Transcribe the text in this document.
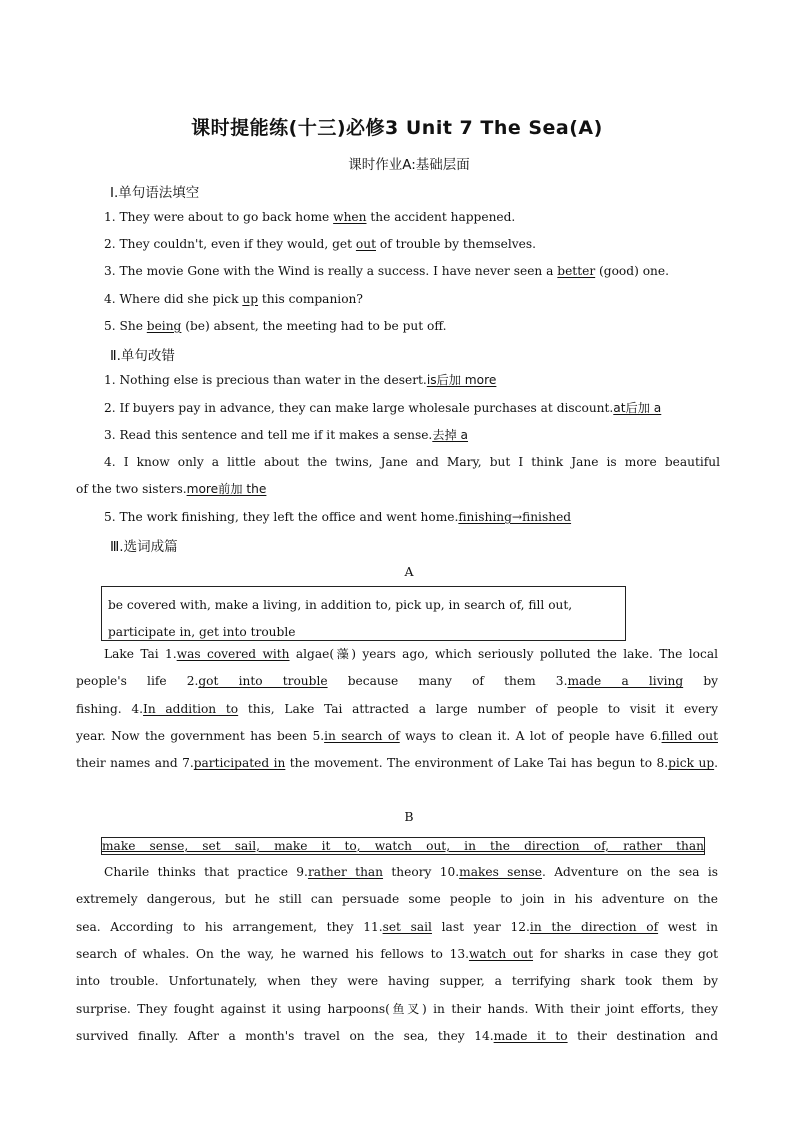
课时提能练(十三)必修3 Unit 7 The Sea(A)
课时作业A:基础层面
Ⅰ.单句语法填空
1. They were about to go back home when the accident happened.
2. They couldn't, even if they would, get out of trouble by themselves.
3. The movie Gone with the Wind is really a success. I have never seen a better (good) one.
4. Where did she pick up this companion?
5. She being (be) absent, the meeting had to be put off.
Ⅱ.单句改错
1. Nothing else is precious than water in the desert.is后加 more
2. If buyers pay in advance, they can make large wholesale purchases at discount.at后加 a
3. Read this sentence and tell me if it makes a sense.去掉 a
4. I know only a little about the twins, Jane and Mary, but I think Jane is more beautiful
of the two sisters.more前加 the
5. The work finishing, they left the office and went home.finishing→finished
Ⅲ.选词成篇
A
be covered with, make a living, in addition to, pick up, in search of, fill out, participate in, get into trouble
Lake Tai 1.was covered with algae(藻) years ago, which seriously polluted the lake. The local
people's life 2.got into trouble because many of them 3.made a living by
fishing. 4.In addition to this, Lake Tai attracted a large number of people to visit it every
year. Now the government has been 5.in search of ways to clean it. A lot of people have 6.filled out
their names and 7.participated in the movement. The environment of Lake Tai has begun to 8.pick up.
B
make sense, set sail, make it to, watch out, in the direction of, rather than
Charile thinks that practice 9.rather than theory 10.makes sense. Adventure on the sea is
extremely dangerous, but he still can persuade some people to join in his adventure on the
sea. According to his arrangement, they 11.set sail last year 12.in the direction of west in
search of whales. On the way, he warned his fellows to 13.watch out for sharks in case they got
into trouble. Unfortunately, when they were having supper, a terrifying shark took them by
surprise. They fought against it using harpoons(鱼叉) in their hands. With their joint efforts, they
survived finally. After a month's travel on the sea, they 14.made it to their destination and
